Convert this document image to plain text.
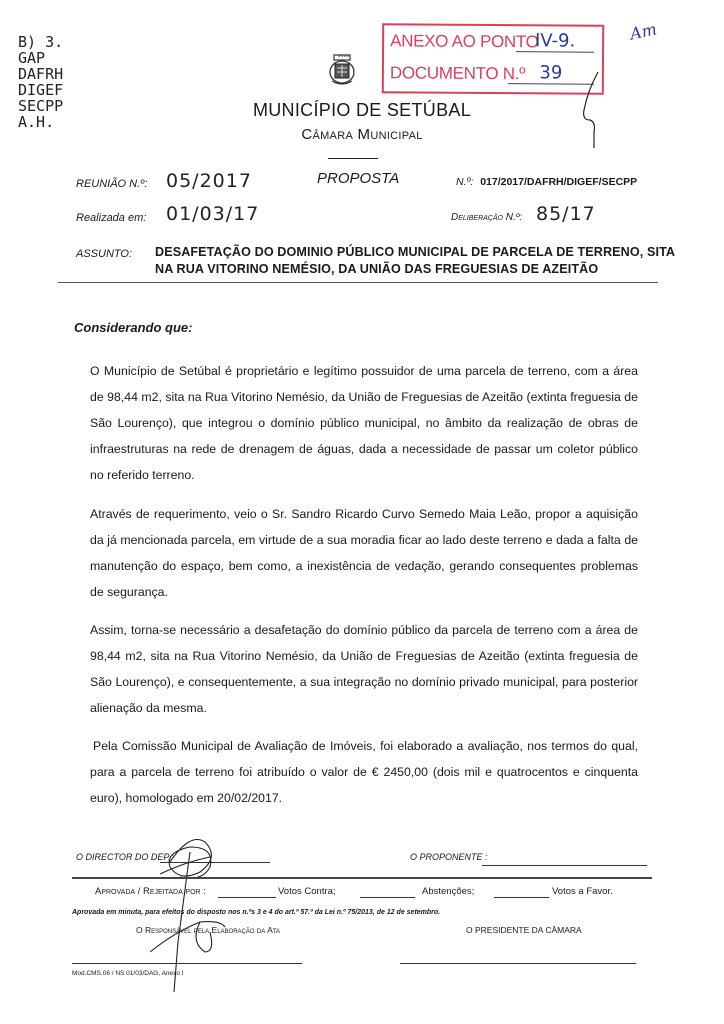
B) 3.
GAP
DAFRH
DIGEF
SECPP
A.H.
ANEXO AO PONTO
IV-9.
DOCUMENTO N.º 39
Am
MUNICÍPIO DE SETÚBAL
Câmara Municipal
REUNIÃO N.º: 05/2017	PROPOSTA	N.º: 017/2017/DAFRH/DIGEF/SECPP
Realizada em: 01/03/17	Deliberação N.º: 85/17
ASSUNTO: DESAFETAÇÃO DO DOMINIO PÚBLICO MUNICIPAL DE PARCELA DE TERRENO, SITA
NA RUA VITORINO NEMÉSIO, DA UNIÃO DAS FREGUESIAS DE AZEITÃO
Considerando que:
O Município de Setúbal é proprietário e legítimo possuidor de uma parcela de terreno, com a área de 98,44 m2, sita na Rua Vitorino Nemésio, da União de Freguesias de Azeitão (extinta freguesia de São Lourenço), que integrou o domínio público municipal, no âmbito da realização de obras de infraestruturas na rede de drenagem de águas, dada a necessidade de passar um coletor público no referido terreno.
Através de requerimento, veio o Sr. Sandro Ricardo Curvo Semedo Maia Leão, propor a aquisição da já mencionada parcela, em virtude de a sua moradia ficar ao lado deste terreno e dada a falta de manutenção do espaço, bem como, a inexistência de vedação, gerando consequentes problemas de segurança.
Assim, torna-se necessário a desafetação do domínio público da parcela de terreno com a área de 98,44 m2, sita na Rua Vitorino Nemésio, da União de Freguesias de Azeitão (extinta freguesia de São Lourenço), e consequentemente, a sua integração no domínio privado municipal, para posterior alienação da mesma.
Pela Comissão Municipal de Avaliação de Imóveis, foi elaborado a avaliação, nos termos do qual, para a parcela de terreno foi atribuído o valor de € 2450,00 (dois mil e quatrocentos e cinquenta euro), homologado em 20/02/2017.
O DIRECTOR DO DEP.:	O PROPONENTE :
Aprovada / Rejeitada por :	Votos Contra;	Abstenções;	Votos a Favor.
Aprovada em minuta, para efeitos do disposto nos n.ºs 3 e 4 do art.º 57.º da Lei n.º 75/2013, de 12 de setembro.
O Responsável pela Elaboração da Ata	O PRESIDENTE DA CÂMARA
Mod.CMS.06 / NS 01/03/DAG, Anexo I
